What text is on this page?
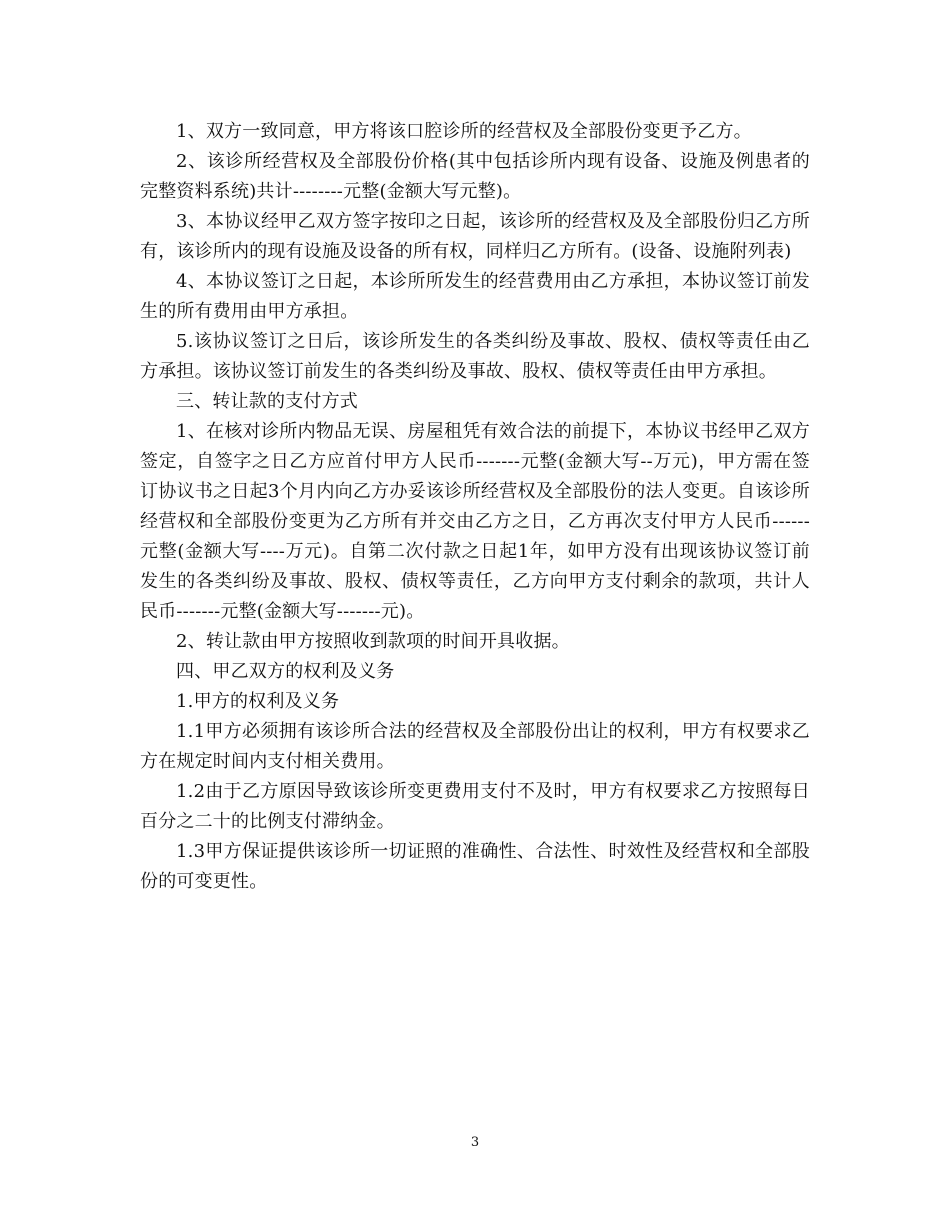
1、双方一致同意，甲方将该口腔诊所的经营权及全部股份变更予乙方。

2、该诊所经营权及全部股份价格(其中包括诊所内现有设备、设施及例患者的完整资料系统)共计--------元整(金额大写元整)。

3、本协议经甲乙双方签字按印之日起，该诊所的经营权及及全部股份归乙方所有，该诊所内的现有设施及设备的所有权，同样归乙方所有。(设备、设施附列表)

4、本协议签订之日起，本诊所所发生的经营费用由乙方承担，本协议签订前发生的所有费用由甲方承担。

5.该协议签订之日后，该诊所发生的各类纠纷及事故、股权、债权等责任由乙方承担。该协议签订前发生的各类纠纷及事故、股权、债权等责任由甲方承担。

三、转让款的支付方式

1、在核对诊所内物品无误、房屋租凭有效合法的前提下，本协议书经甲乙双方签定，自签字之日乙方应首付甲方人民币-------元整(金额大写--万元)，甲方需在签订协议书之日起3个月内向乙方办妥该诊所经营权及全部股份的法人变更。自该诊所经营权和全部股份变更为乙方所有并交由乙方之日，乙方再次支付甲方人民币------元整(金额大写----万元)。自第二次付款之日起1年，如甲方没有出现该协议签订前发生的各类纠纷及事故、股权、债权等责任，乙方向甲方支付剩余的款项，共计人民币-------元整(金额大写-------元)。

2、转让款由甲方按照收到款项的时间开具收据。

四、甲乙双方的权利及义务

1.甲方的权利及义务

1.1甲方必须拥有该诊所合法的经营权及全部股份出让的权利，甲方有权要求乙方在规定时间内支付相关费用。

1.2由于乙方原因导致该诊所变更费用支付不及时，甲方有权要求乙方按照每日百分之二十的比例支付滞纳金。

1.3甲方保证提供该诊所一切证照的准确性、合法性、时效性及经营权和全部股份的可变更性。

3
